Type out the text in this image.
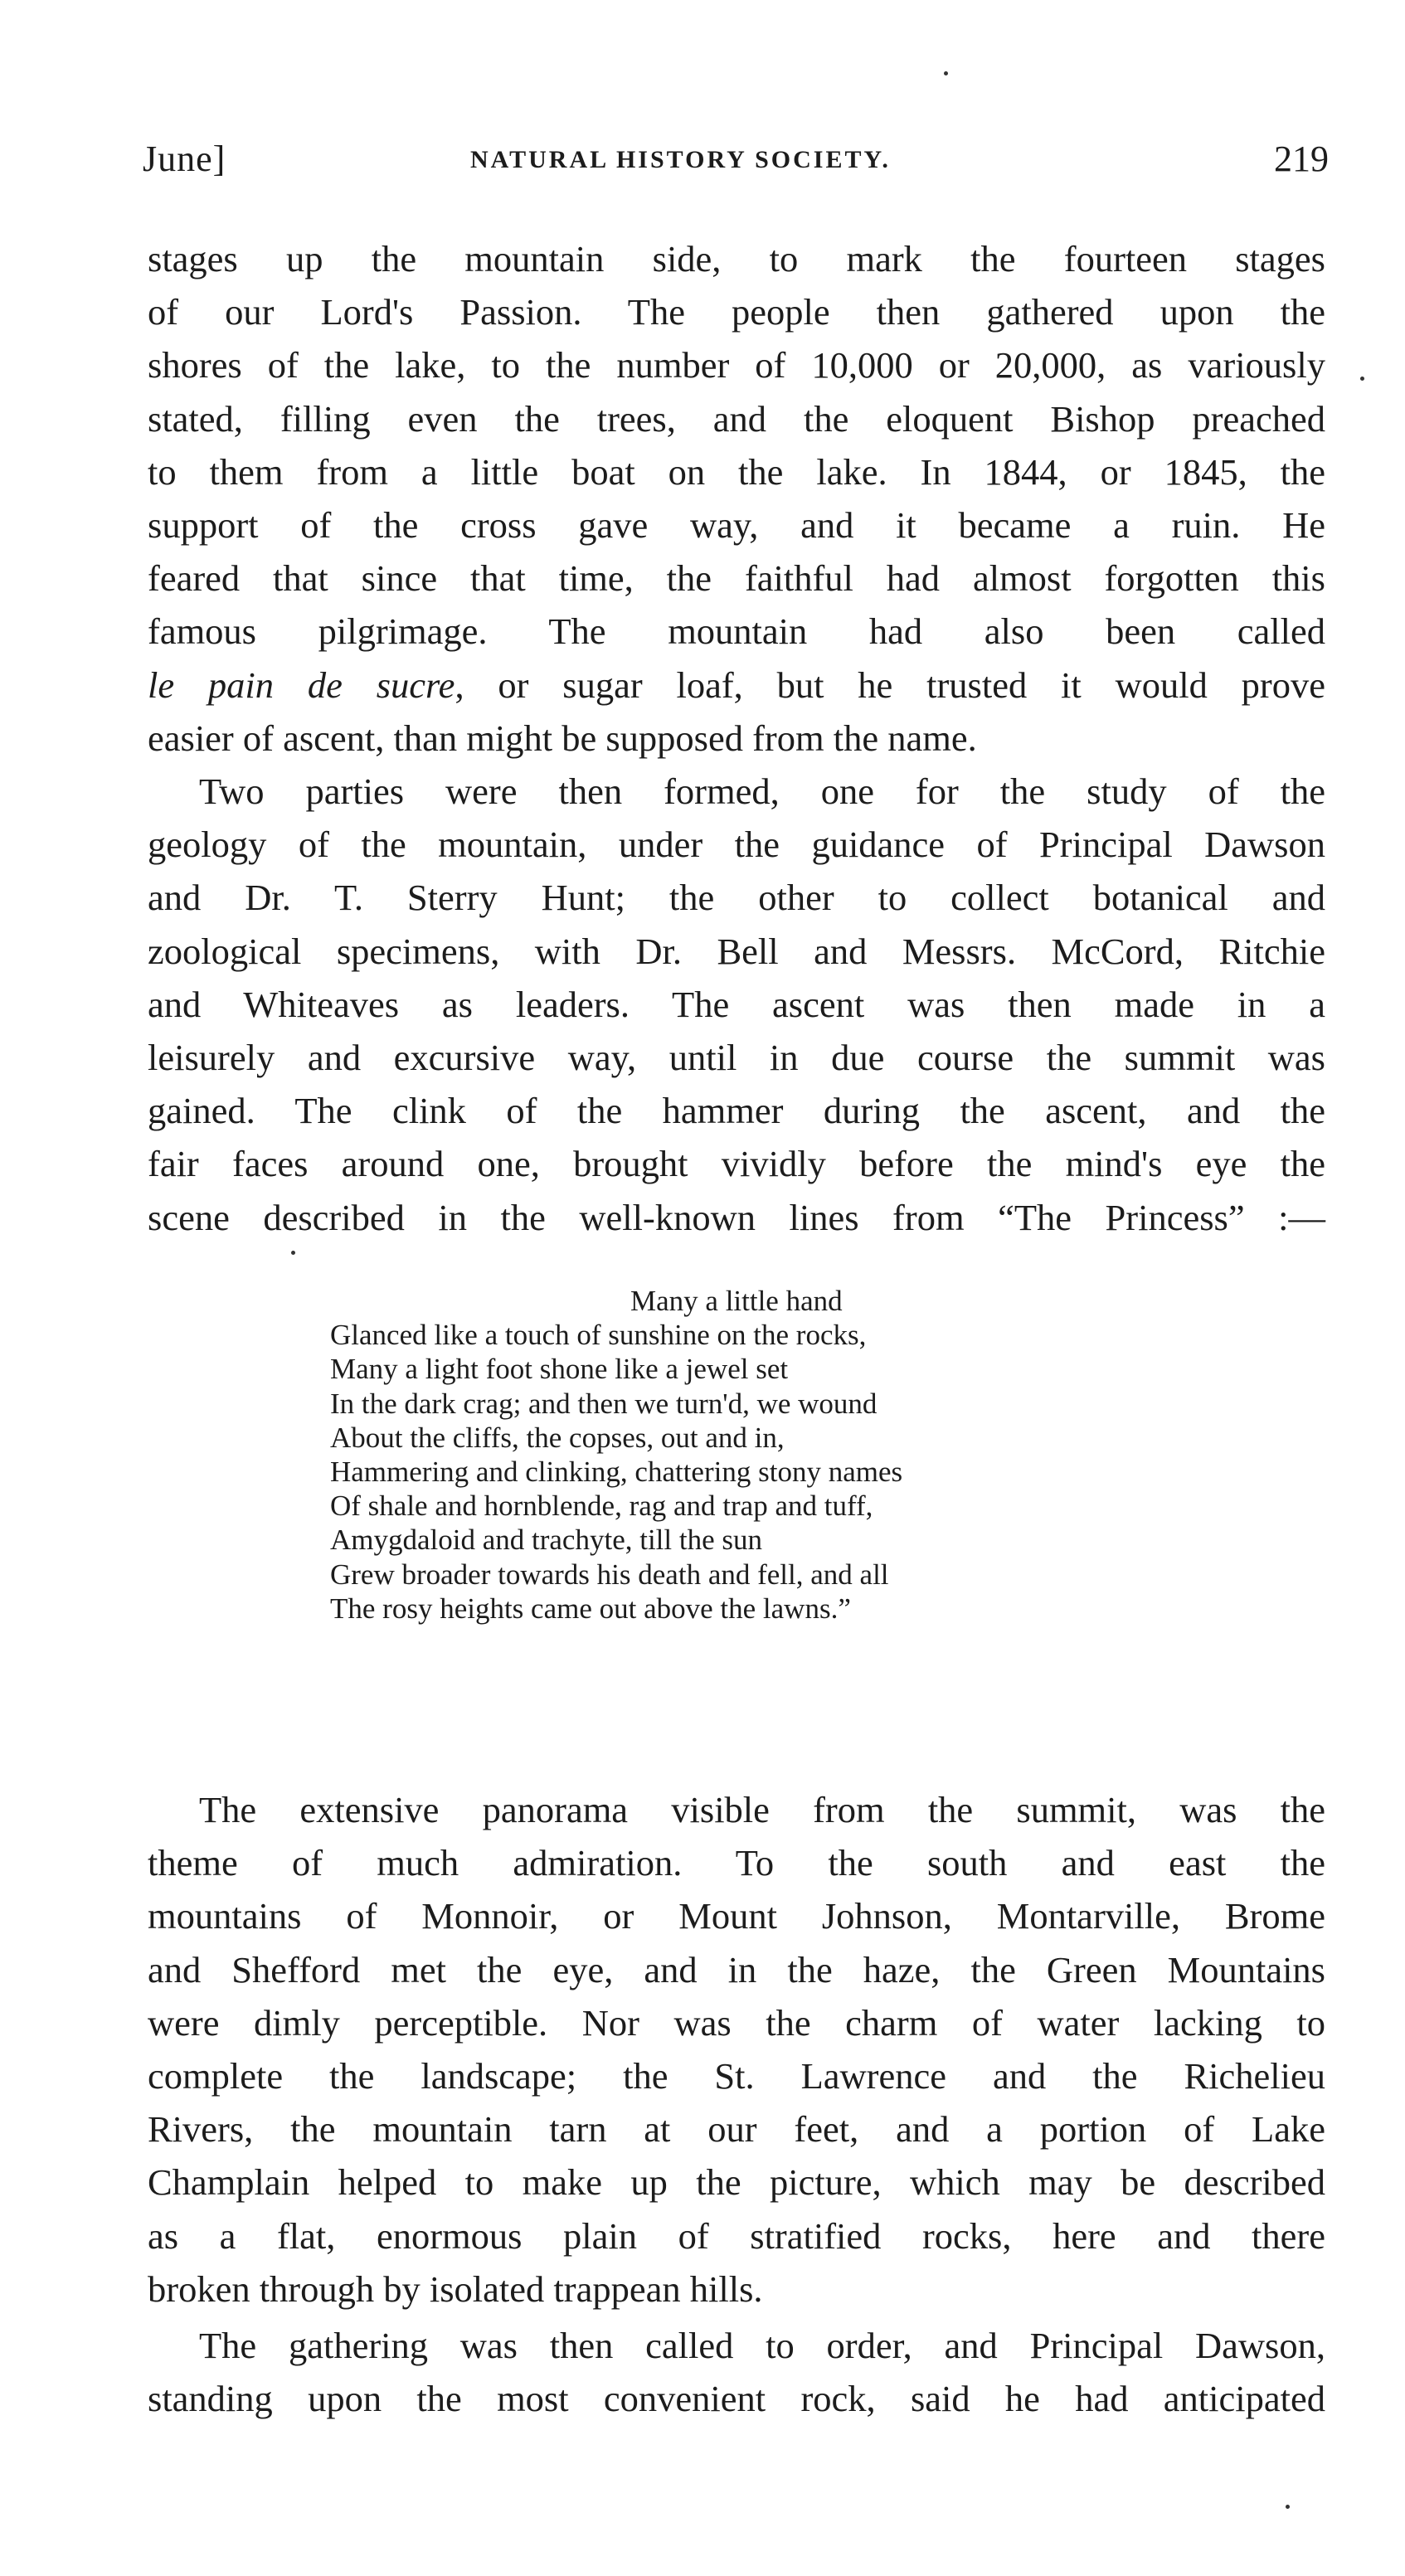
June]	NATURAL HISTORY SOCIETY.	219
stages up the mountain side, to mark the fourteen stages
of our Lord's Passion. The people then gathered upon the
shores of the lake, to the number of 10,000 or 20,000, as variously
stated, filling even the trees, and the eloquent Bishop preached
to them from a little boat on the lake. In 1844, or 1845, the
support of the cross gave way, and it became a ruin. He
feared that since that time, the faithful had almost forgotten this
famous pilgrimage. The mountain had also been called
le pain de sucre, or sugar loaf, but he trusted it would prove
easier of ascent, than might be supposed from the name.
Two parties were then formed, one for the study of the
geology of the mountain, under the guidance of Principal Dawson
and Dr. T. Sterry Hunt; the other to collect botanical and
zoological specimens, with Dr. Bell and Messrs. McCord, Ritchie
and Whiteaves as leaders. The ascent was then made in a
leisurely and excursive way, until in due course the summit was
gained. The clink of the hammer during the ascent, and the
fair faces around one, brought vividly before the mind's eye the
scene described in the well-known lines from “The Princess” :—
Many a little hand
Glanced like a touch of sunshine on the rocks,
Many a light foot shone like a jewel set
In the dark crag; and then we turn'd, we wound
About the cliffs, the copses, out and in,
Hammering and clinking, chattering stony names
Of shale and hornblende, rag and trap and tuff,
Amygdaloid and trachyte, till the sun
Grew broader towards his death and fell, and all
The rosy heights came out above the lawns.”
The extensive panorama visible from the summit, was the
theme of much admiration. To the south and east the
mountains of Monnoir, or Mount Johnson, Montarville, Brome
and Shefford met the eye, and in the haze, the Green Mountains
were dimly perceptible. Nor was the charm of water lacking to
complete the landscape; the St. Lawrence and the Richelieu
Rivers, the mountain tarn at our feet, and a portion of Lake
Champlain helped to make up the picture, which may be described
as a flat, enormous plain of stratified rocks, here and there
broken through by isolated trappean hills.
The gathering was then called to order, and Principal Dawson,
standing upon the most convenient rock, said he had anticipated
